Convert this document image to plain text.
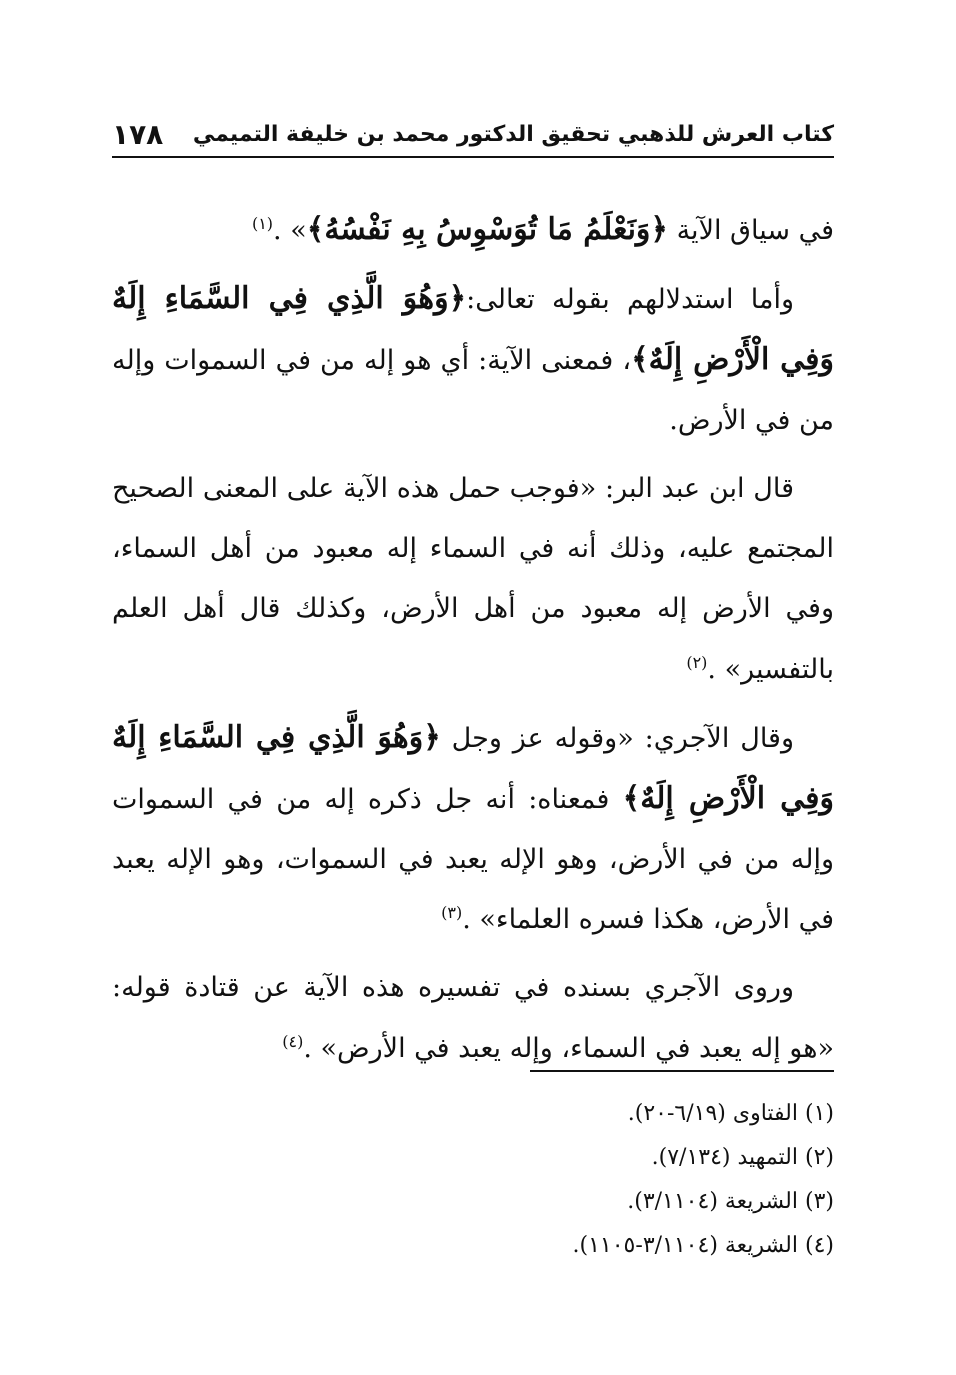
كتاب العرش للذهبي تحقيق الدكتور محمد بن خليفة التميمي
١٧٨

في سياق الآية ﴿وَنَعْلَمُ مَا تُوَسْوِسُ بِهِ نَفْسُهُ﴾» .$^{(١)}$

وأما استدلالهم بقوله تعالى:﴿وَهُوَ الَّذِي فِي السَّمَاءِ إِلَهٌ وَفِي الْأَرْضِ إِلَهٌ﴾، فمعنى الآية: أي هو إله من في السموات وإله من في الأرض.

قال ابن عبد البر: «فوجب حمل هذه الآية على المعنى الصحيح المجتمع عليه، وذلك أنه في السماء إله معبود من أهل السماء، وفي الأرض إله معبود من أهل الأرض، وكذلك قال أهل العلم بالتفسير» .$^{(٢)}$

وقال الآجري: «وقوله عز وجل ﴿وَهُوَ الَّذِي فِي السَّمَاءِ إِلَهٌ وَفِي الْأَرْضِ إِلَهٌ﴾ فمعناه: أنه جل ذكره إله من في السموات وإله من في الأرض، وهو الإله يعبد في السموات، وهو الإله يعبد في الأرض، هكذا فسره العلماء» .$^{(٣)}$

وروى الآجري بسنده في تفسيره هذه الآية عن قتادة قوله: «هو إله يعبد في السماء، وإله يعبد في الأرض» .$^{(٤)}$

(١) الفتاوى (٦/١٩-٢٠).
(٢) التمهيد (٧/١٣٤).
(٣) الشريعة (٣/١١٠٤).
(٤) الشريعة (٣/١١٠٤-١١٠٥).
